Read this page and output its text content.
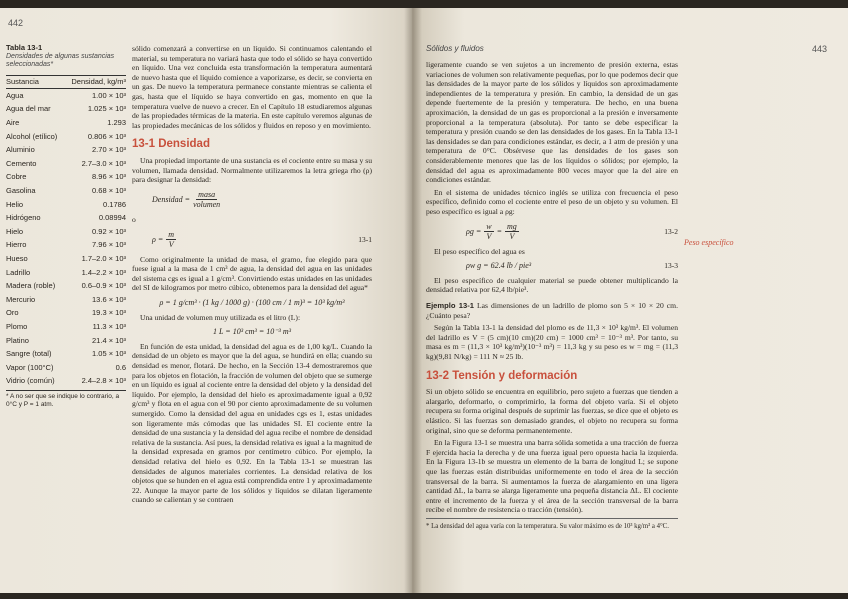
442
Tabla 13-1
Densidades de algunas sustancias seleccionadas*
Sustancia	Densidad, kg/m³
Agua	1.00 × 10³
Agua del mar	1.025 × 10³
Aire	1.293
Alcohol (etílico)	0.806 × 10³
Aluminio	2.70 × 10³
Cemento	2.7–3.0 × 10³
Cobre	8.96 × 10³
Gasolina	0.68 × 10³
Helio	0.1786
Hidrógeno	0.08994
Hielo	0.92 × 10³
Hierro	7.96 × 10³
Hueso	1.7–2.0 × 10³
Ladrillo	1.4–2.2 × 10³
Madera (roble)	0.6–0.9 × 10³
Mercurio	13.6 × 10³
Oro	19.3 × 10³
Plomo	11.3 × 10³
Platino	21.4 × 10³
Sangre (total)	1.05 × 10³
Vapor (100°C)	0.6
Vidrio (común)	2.4–2.8 × 10³
* A no ser que se indique lo contrario, a 0°C y P = 1 atm.

sólido comenzará a convertirse en un líquido. Si continuamos calentando el material, su temperatura no variará hasta que todo el sólido se haya convertido en líquido. Una vez concluida esta transformación la temperatura aumentará de nuevo hasta que el líquido comience a vaporizarse, es decir, se convierta en un gas. De nuevo la temperatura permanece constante mientras se calienta el gas, hasta que el líquido se haya convertido en gas, momento en que la temperatura vuelve de nuevo a crecer. En el Capítulo 18 estudiaremos algunas de las propiedades térmicas de la materia. En este capítulo veremos algunas de las propiedades mecánicas de los sólidos y fluidos en reposo y en movimiento.

13-1 Densidad

Una propiedad importante de una sustancia es el cociente entre su masa y su volumen, llamada densidad. Normalmente utilizaremos la letra griega rho (ρ) para designar la densidad:

Densidad = $\frac{\text{masa}}{\text{volumen}}$
o
$\rho = \frac{m}{V}$	13-1

Como originalmente la unidad de masa, el gramo, fue elegido para que fuese igual a la masa de 1 cm³ de agua, la densidad del agua en las unidades del sistema cgs es igual a 1 g/cm³. Convirtiendo estas unidades en las unidades del SI de kilogramos por metro cúbico, obtenemos para la densidad del agua*

ρ = 1 g/cm³ · (1 kg / 1000 g) · (100 cm / 1 m)³ = 10³ kg/m³

Una unidad de volumen muy utilizada es el litro (L):

1 L = 10³ cm³ = 10⁻³ m³

En función de esta unidad, la densidad del agua es de 1,00 kg/L. Cuando la densidad de un objeto es mayor que la del agua, se hundirá en ella; cuando su densidad es menor, flotará. De hecho, en la Sección 13-4 demostraremos que para los objetos en flotación, la fracción de volumen del objeto que se sumerge en un líquido es igual al cociente entre la densidad del objeto y la densidad del líquido. Por ejemplo, la densidad del hielo es aproximadamente igual a 0,92 g/cm³ y flota en el agua con el 90 por ciento aproximadamente de su volumen sumergido. Como la densidad del agua en unidades cgs es 1, estas unidades son ligeramente más cómodas que las unidades SI. El cociente entre la densidad de una sustancia y la densidad del agua recibe el nombre de densidad relativa de la sustancia. Así pues, la densidad relativa es igual a la magnitud de la densidad expresada en gramos por centímetro cúbico. Por ejemplo, la densidad relativa del hielo es 0,92. En la Tabla 13-1 se muestran las densidades de algunos materiales corrientes. La densidad relativa de los objetos que se hunden en el agua está comprendida entre 1 y aproximadamente 22. Aunque la mayor parte de los sólidos y líquidos se dilatan ligeramente cuando se calientan y se contraen

Sólidos y fluidos	443

ligeramente cuando se ven sujetos a un incremento de presión externa, estas variaciones de volumen son relativamente pequeñas, por lo que podemos decir que las densidades de la mayor parte de los sólidos y líquidos son aproximadamente independientes de la temperatura y presión. En cambio, la densidad de un gas depende fuertemente de la presión y temperatura. De hecho, en una buena aproximación, la densidad de un gas es proporcional a la presión e inversamente proporcional a la temperatura (absoluta). Por tanto se debe especificar la temperatura y presión cuando se den las densidades de los gases. En la Tabla 13-1 las densidades se dan para condiciones estándar, es decir, a 1 atm de presión y una temperatura de 0°C. Obsérvese que las densidades de los gases son considerablemente menores que las de los líquidos o sólidos; por ejemplo, la densidad del agua es aproximadamente 800 veces mayor que la del aire en condiciones estándar.

En el sistema de unidades técnico inglés se utiliza con frecuencia el peso específico, definido como el cociente entre el peso de un objeto y su volumen. El peso específico es igual a ρg:

$\rho g = \frac{w}{V} = \frac{mg}{V}$	13-2

El peso específico del agua es

ρw g = 62.4 lb / pie³	13-3

El peso específico de cualquier material se puede obtener multiplicando la densidad relativa por 62,4 lb/pie³.

Ejemplo 13-1 Las dimensiones de un ladrillo de plomo son 5 × 10 × 20 cm. ¿Cuánto pesa?

Según la Tabla 13-1 la densidad del plomo es de 11,3 × 10³ kg/m³. El volumen del ladrillo es V = (5 cm)(10 cm)(20 cm) = 1000 cm³ = 10⁻³ m³. Por tanto, su masa es m = (11,3 × 10³ kg/m³)(10⁻³ m³) = 11,3 kg y su peso es w = mg = (11,3 kg)(9,81 N/kg) = 111 N ≈ 25 lb.

13-2 Tensión y deformación

Si un objeto sólido se encuentra en equilibrio, pero sujeto a fuerzas que tienden a alargarlo, deformarlo, o comprimirlo, la forma del objeto varía. Si el objeto recupera su forma original después de suprimir las fuerzas, se dice que el objeto es elástico. Si las fuerzas son demasiado grandes, el objeto no recupera su forma original, sino que se deforma permanentemente.

En la Figura 13-1 se muestra una barra sólida sometida a una tracción de fuerza F ejercida hacia la derecha y de una fuerza igual pero opuesta hacia la izquierda. En la Figura 13-1b se muestra un elemento de la barra de longitud L; se supone que las fuerzas están distribuidas uniformemente en todo el área de la sección transversal de la barra. Si aumentamos la fuerza de alargamiento en una ligera cantidad ΔL, la barra se alarga ligeramente una pequeña distancia ΔL. El cociente entre el incremento de la fuerza y el área de la sección transversal de la barra recibe el nombre de resistencia o tracción (tensión).

* La densidad del agua varía con la temperatura. Su valor máximo es de 10³ kg/m³ a 4°C.
Peso específico
